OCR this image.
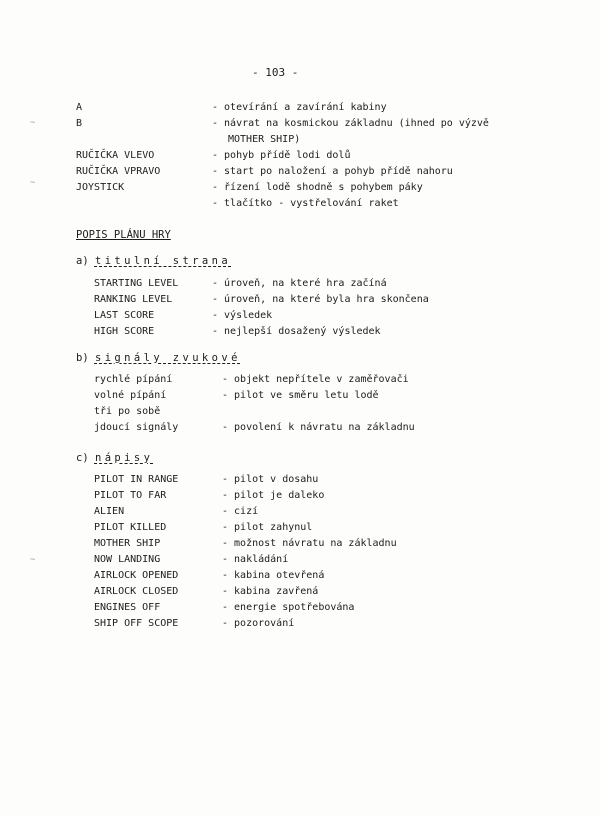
- 103 -
A	- otevírání a zavírání kabiny
B	- návrat na kosmickou základnu (ihned po výzvě
MOTHER SHIP)
RUČIČKA VLEVO	- pohyb přídě lodi dolů
RUČIČKA VPRAVO	- start po naložení a pohyb přídě nahoru
JOYSTICK	- řízení lodě shodně s pohybem páky
- tlačítko - vystřelování raket
POPIS PLÁNU HRY
a) titulní strana
STARTING LEVEL	- úroveň, na které hra začíná
RANKING LEVEL	- úroveň, na které byla hra skončena
LAST SCORE	- výsledek
HIGH SCORE	- nejlepší dosažený výsledek
b) signály zvukové
rychlé pípání	- objekt nepřítele v zaměřovači
volné pípání	- pilot ve směru letu lodě
tři po sobě
jdoucí signály	- povolení k návratu na základnu
c) nápisy
PILOT IN RANGE	- pilot v dosahu
PILOT TO FAR	- pilot je daleko
ALIEN	- cizí
PILOT KILLED	- pilot zahynul
MOTHER SHIP	- možnost návratu na základnu
NOW LANDING	- nakládání
AIRLOCK OPENED	- kabina otevřená
AIRLOCK CLOSED	- kabina zavřená
ENGINES OFF	- energie spotřebována
SHIP OFF SCOPE	- pozorování
~
~
~
